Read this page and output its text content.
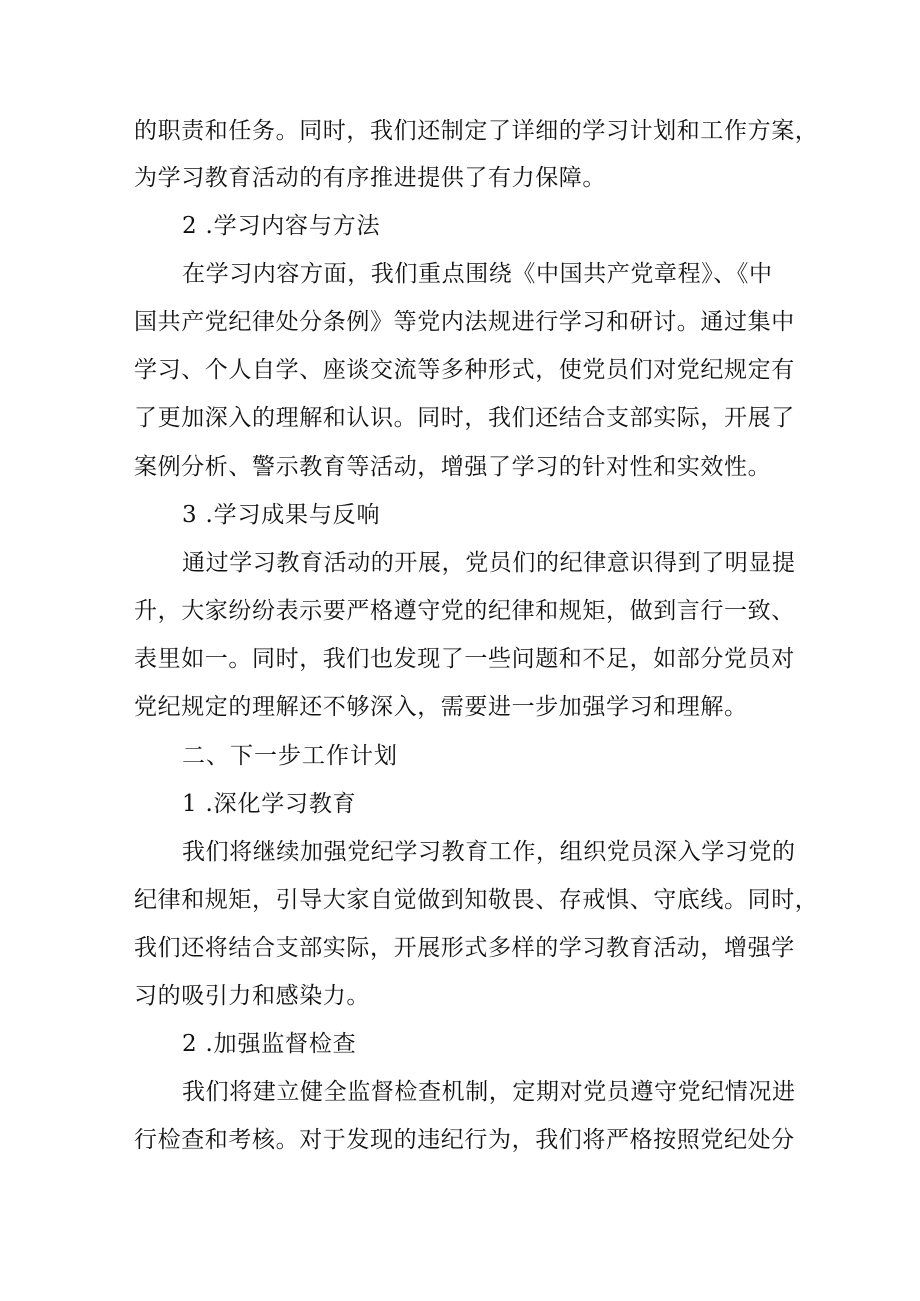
的职责和任务。同时，我们还制定了详细的学习计划和工作方案，
为学习教育活动的有序推进提供了有力保障。
2 .学习内容与方法
在学习内容方面，我们重点围绕《中国共产党章程》、《中
国共产党纪律处分条例》等党内法规进行学习和研讨。通过集中
学习、个人自学、座谈交流等多种形式，使党员们对党纪规定有
了更加深入的理解和认识。同时，我们还结合支部实际，开展了
案例分析、警示教育等活动，增强了学习的针对性和实效性。
3 .学习成果与反响
通过学习教育活动的开展，党员们的纪律意识得到了明显提
升，大家纷纷表示要严格遵守党的纪律和规矩，做到言行一致、
表里如一。同时，我们也发现了一些问题和不足，如部分党员对
党纪规定的理解还不够深入，需要进一步加强学习和理解。
二、下一步工作计划
1 .深化学习教育
我们将继续加强党纪学习教育工作，组织党员深入学习党的
纪律和规矩，引导大家自觉做到知敬畏、存戒惧、守底线。同时，
我们还将结合支部实际，开展形式多样的学习教育活动，增强学
习的吸引力和感染力。
2 .加强监督检查
我们将建立健全监督检查机制，定期对党员遵守党纪情况进
行检查和考核。对于发现的违纪行为，我们将严格按照党纪处分
